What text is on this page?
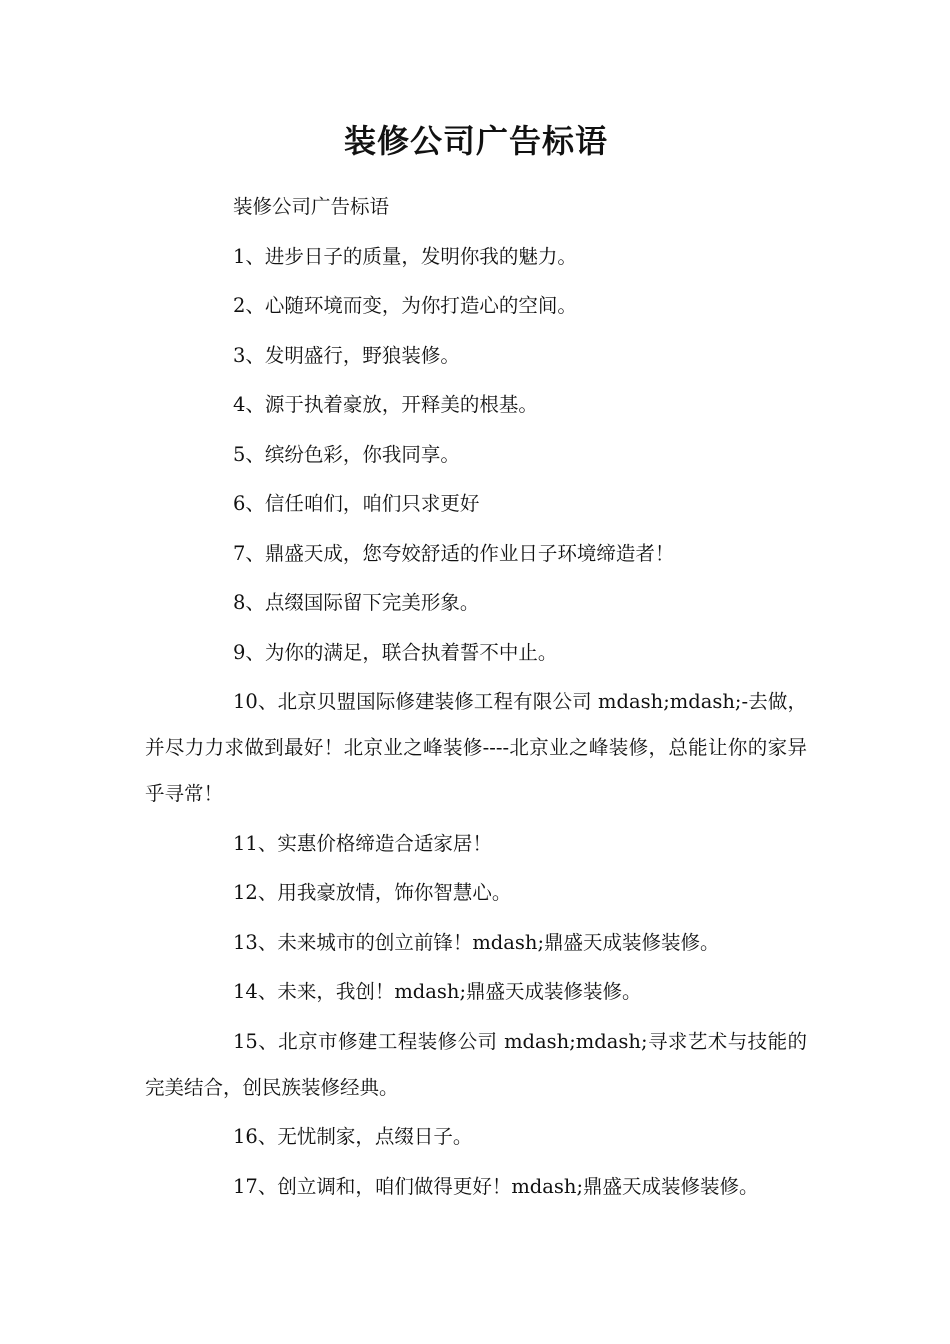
装修公司广告标语

装修公司广告标语

1、进步日子的质量，发明你我的魅力。

2、心随环境而变，为你打造心的空间。

3、发明盛行，野狼装修。

4、源于执着豪放，开释美的根基。

5、缤纷色彩，你我同享。

6、信任咱们，咱们只求更好

7、鼎盛天成，您夸姣舒适的作业日子环境缔造者！

8、点缀国际留下完美形象。

9、为你的满足，联合执着誓不中止。

10、北京贝盟国际修建装修工程有限公司 mdash;mdash;-去做，并尽力力求做到最好！北京业之峰装修----北京业之峰装修，总能让你的家异乎寻常！

11、实惠价格缔造合适家居！

12、用我豪放情，饰你智慧心。

13、未来城市的创立前锋！mdash;鼎盛天成装修装修。

14、未来，我创！mdash;鼎盛天成装修装修。

15、北京市修建工程装修公司 mdash;mdash;寻求艺术与技能的完美结合，创民族装修经典。

16、无忧制家，点缀日子。

17、创立调和，咱们做得更好！mdash;鼎盛天成装修装修。
